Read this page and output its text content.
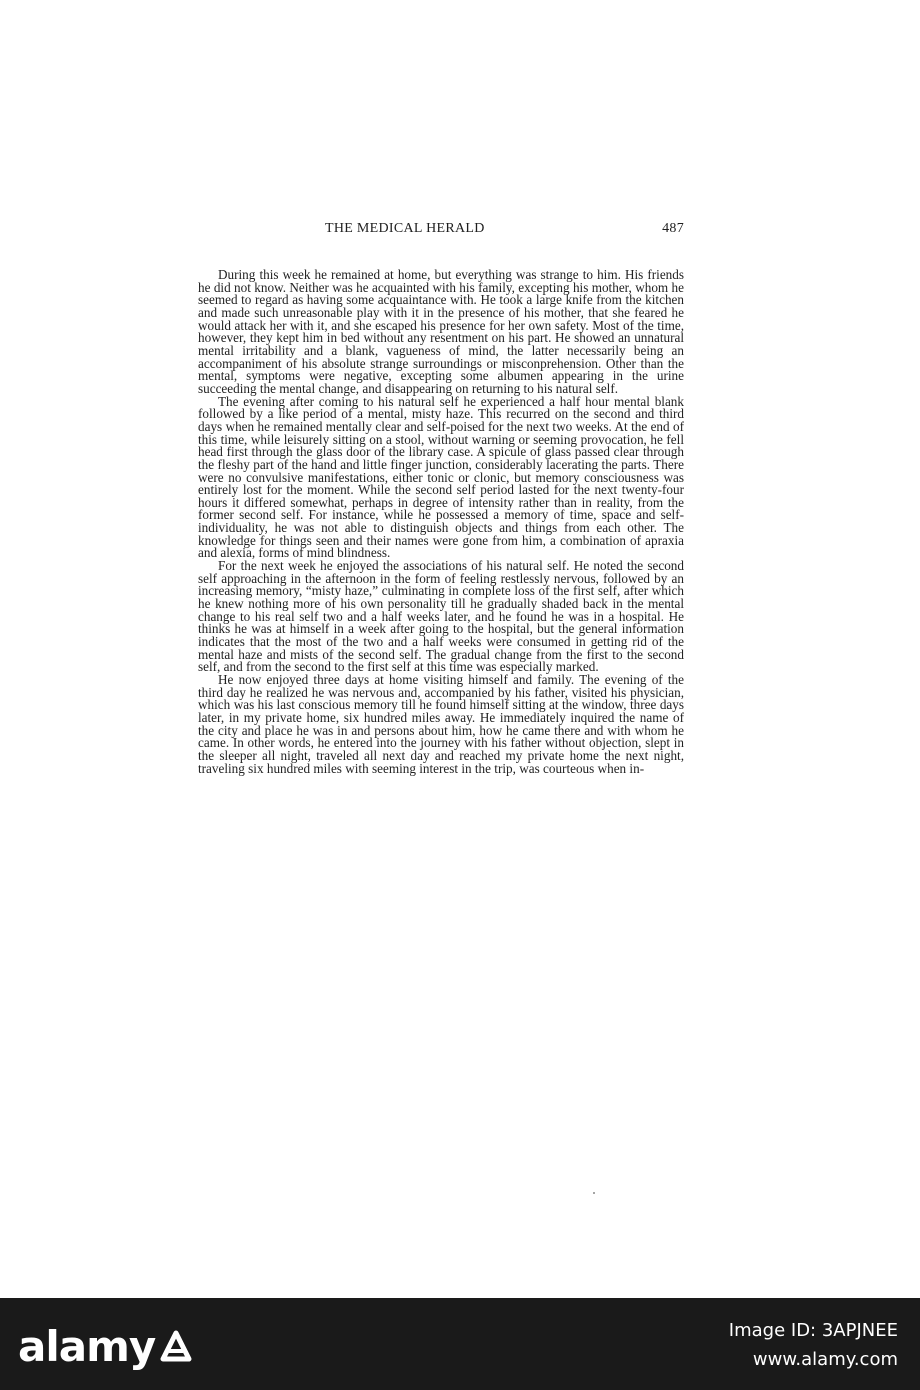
THE MEDICAL HERALD	487

During this week he remained at home, but everything was strange to him. His friends he did not know. Neither was he acquainted with his family, excepting his mother, whom he seemed to regard as having some acquaintance with. He took a large knife from the kitchen and made such unreasonable play with it in the presence of his mother, that she feared he would attack her with it, and she escaped his presence for her own safety. Most of the time, however, they kept him in bed without any resentment on his part. He showed an unnatural mental irritability and a blank, vagueness of mind, the latter necessarily being an accompaniment of his absolute strange surroundings or misconprehension. Other than the mental, symptoms were negative, excepting some albumen appearing in the urine succeeding the mental change, and disappearing on returning to his natural self.

The evening after coming to his natural self he experienced a half hour mental blank followed by a like period of a mental, misty haze. This recurred on the second and third days when he remained mentally clear and self-poised for the next two weeks. At the end of this time, while leisurely sitting on a stool, without warning or seeming provocation, he fell head first through the glass door of the library case. A spicule of glass passed clear through the fleshy part of the hand and little finger junction, considerably lacerating the parts. There were no convulsive manifestations, either tonic or clonic, but memory consciousness was entirely lost for the moment. While the second self period lasted for the next twenty-four hours it differed somewhat, perhaps in degree of intensity rather than in reality, from the former second self. For instance, while he possessed a memory of time, space and self-individuality, he was not able to distinguish objects and things from each other. The knowledge for things seen and their names were gone from him, a combination of apraxia and alexia, forms of mind blindness.

For the next week he enjoyed the associations of his natural self. He noted the second self approaching in the afternoon in the form of feeling restlessly nervous, followed by an increasing memory, “misty haze,” culminating in complete loss of the first self, after which he knew nothing more of his own personality till he gradually shaded back in the mental change to his real self two and a half weeks later, and he found he was in a hospital. He thinks he was at himself in a week after going to the hospital, but the general information indicates that the most of the two and a half weeks were consumed in getting rid of the mental haze and mists of the second self. The gradual change from the first to the second self, and from the second to the first self at this time was especially marked.

He now enjoyed three days at home visiting himself and family. The evening of the third day he realized he was nervous and, accompanied by his father, visited his physician, which was his last conscious memory till he found himself sitting at the window, three days later, in my private home, six hundred miles away. He immediately inquired the name of the city and place he was in and persons about him, how he came there and with whom he came. In other words, he entered into the journey with his father without objection, slept in the sleeper all night, traveled all next day and reached my private home the next night, traveling six hundred miles with seeming interest in the trip, was courteous when in-

alamy	Image ID: 3APJNEE
www.alamy.com
